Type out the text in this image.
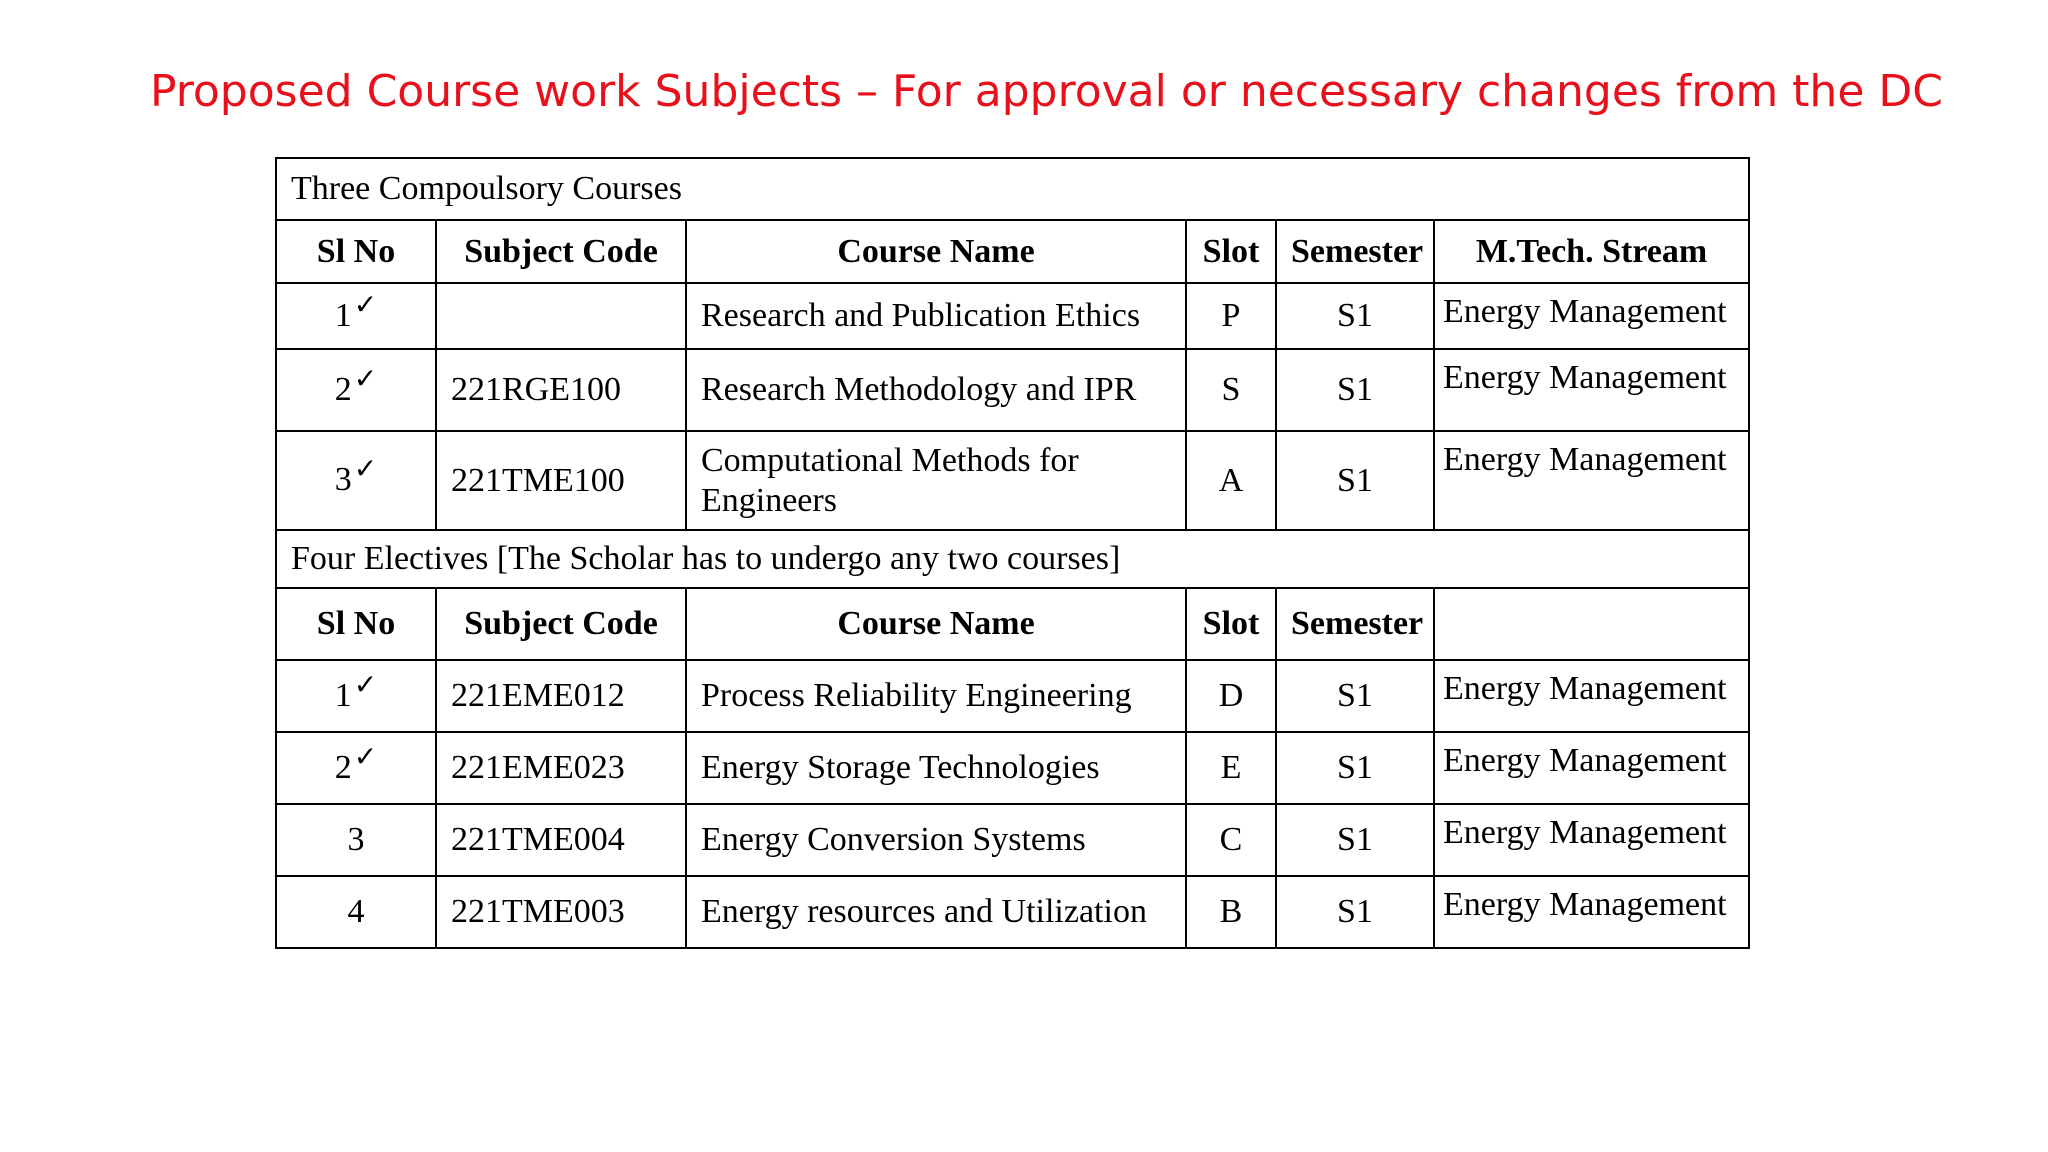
Proposed Course work Subjects – For approval or necessary changes from the DC
Three Compoulsory Courses					
Sl No	Subject Code	Course Name	Slot	Semester	M.Tech. Stream
1✓		Research and Publication Ethics	P	S1	Energy Management
2✓	221RGE100	Research Methodology and IPR	S	S1	Energy Management
3✓	221TME100	Computational Methods for Engineers	A	S1	Energy Management
Four Electives [The Scholar has to undergo any two courses]					
Sl No	Subject Code	Course Name	Slot	Semester	
1✓	221EME012	Process Reliability Engineering	D	S1	Energy Management
2✓	221EME023	Energy Storage Technologies	E	S1	Energy Management
3	221TME004	Energy Conversion Systems	C	S1	Energy Management
4	221TME003	Energy resources and Utilization	B	S1	Energy Management
